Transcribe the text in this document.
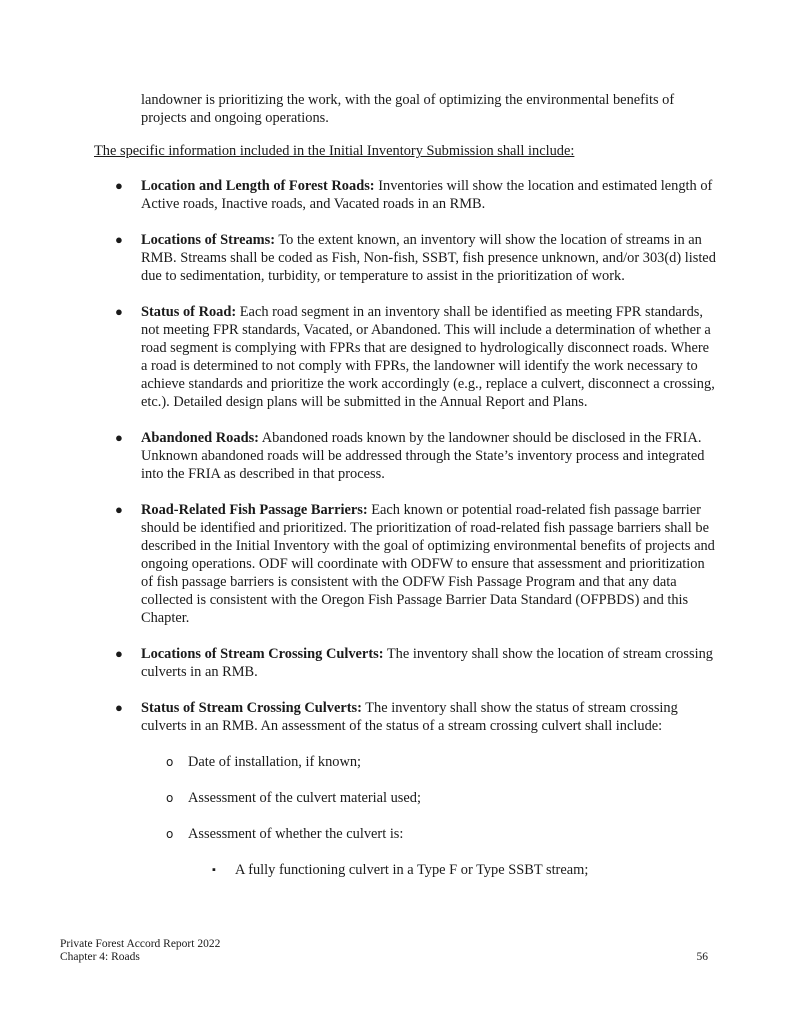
landowner is prioritizing the work, with the goal of optimizing the environmental benefits of projects and ongoing operations.

The specific information included in the Initial Inventory Submission shall include:

● Location and Length of Forest Roads: Inventories will show the location and estimated length of Active roads, Inactive roads, and Vacated roads in an RMB.
● Locations of Streams: To the extent known, an inventory will show the location of streams in an RMB. Streams shall be coded as Fish, Non-fish, SSBT, fish presence unknown, and/or 303(d) listed due to sedimentation, turbidity, or temperature to assist in the prioritization of work.
● Status of Road: Each road segment in an inventory shall be identified as meeting FPR standards, not meeting FPR standards, Vacated, or Abandoned. This will include a determination of whether a road segment is complying with FPRs that are designed to hydrologically disconnect roads. Where a road is determined to not comply with FPRs, the landowner will identify the work necessary to achieve standards and prioritize the work accordingly (e.g., replace a culvert, disconnect a crossing, etc.). Detailed design plans will be submitted in the Annual Report and Plans.
● Abandoned Roads: Abandoned roads known by the landowner should be disclosed in the FRIA. Unknown abandoned roads will be addressed through the State’s inventory process and integrated into the FRIA as described in that process.
● Road-Related Fish Passage Barriers: Each known or potential road-related fish passage barrier should be identified and prioritized. The prioritization of road-related fish passage barriers shall be described in the Initial Inventory with the goal of optimizing environmental benefits of projects and ongoing operations. ODF will coordinate with ODFW to ensure that assessment and prioritization of fish passage barriers is consistent with the ODFW Fish Passage Program and that any data collected is consistent with the Oregon Fish Passage Barrier Data Standard (OFPBDS) and this Chapter.
● Locations of Stream Crossing Culverts: The inventory shall show the location of stream crossing culverts in an RMB.
● Status of Stream Crossing Culverts: The inventory shall show the status of stream crossing culverts in an RMB. An assessment of the status of a stream crossing culvert shall include:
o Date of installation, if known;
o Assessment of the culvert material used;
o Assessment of whether the culvert is:
▪ A fully functioning culvert in a Type F or Type SSBT stream;
Private Forest Accord Report 2022
Chapter 4: Roads	56
